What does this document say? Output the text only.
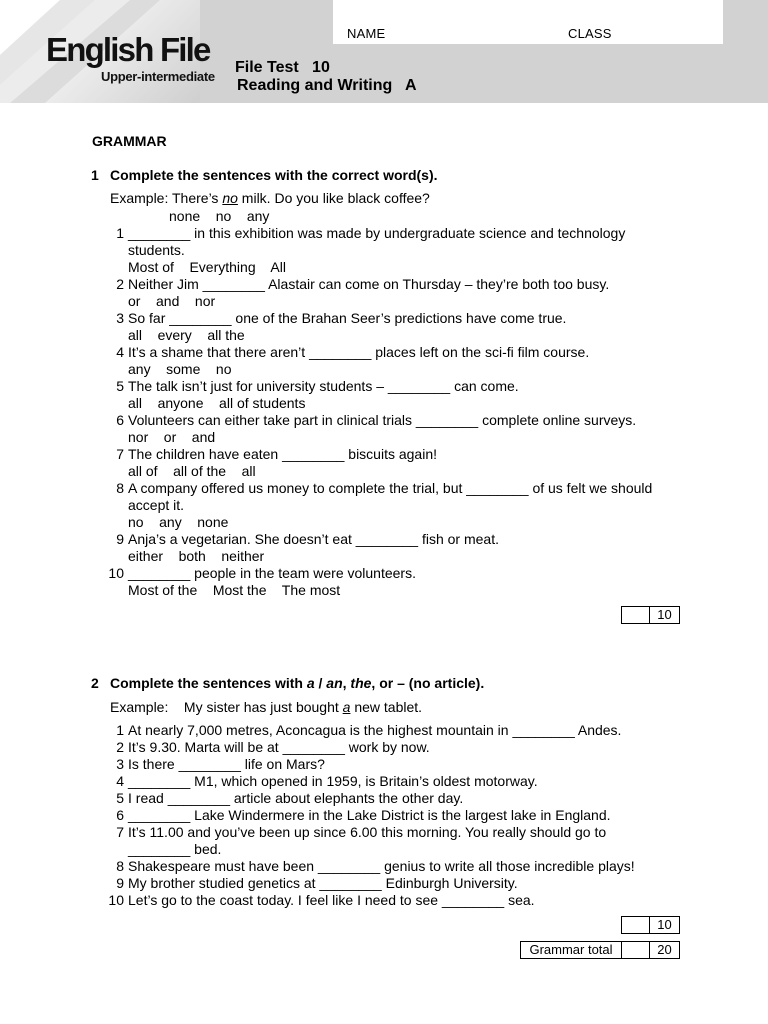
NAME	CLASS
English File
Upper-intermediate
File Test   10
Reading and Writing   A
GRAMMAR
1 Complete the sentences with the correct word(s).
Example: There’s no milk. Do you like black coffee?
none    no    any
1 ________ in this exhibition was made by undergraduate science and technology
students.
Most of    Everything    All
2 Neither Jim ________ Alastair can come on Thursday – they’re both too busy.
or    and    nor
3 So far ________ one of the Brahan Seer’s predictions have come true.
all    every    all the
4 It’s a shame that there aren’t ________ places left on the sci-fi film course.
any    some    no
5 The talk isn’t just for university students – ________ can come.
all    anyone    all of students
6 Volunteers can either take part in clinical trials ________ complete online surveys.
nor    or    and
7 The children have eaten ________ biscuits again!
all of    all of the    all
8 A company offered us money to complete the trial, but ________ of us felt we should
accept it.
no    any    none
9 Anja’s a vegetarian. She doesn’t eat ________ fish or meat.
either    both    neither
10 ________ people in the team were volunteers.
Most of the    Most the    The most
10
2 Complete the sentences with a / an, the, or – (no article).
Example:    My sister has just bought a new tablet.
1 At nearly 7,000 metres, Aconcagua is the highest mountain in ________ Andes.
2 It’s 9.30. Marta will be at ________ work by now.
3 Is there ________ life on Mars?
4 ________ M1, which opened in 1959, is Britain’s oldest motorway.
5 I read ________ article about elephants the other day.
6 ________ Lake Windermere in the Lake District is the largest lake in England.
7 It’s 11.00 and you’ve been up since 6.00 this morning. You really should go to
________ bed.
8 Shakespeare must have been ________ genius to write all those incredible plays!
9 My brother studied genetics at ________ Edinburgh University.
10 Let’s go to the coast today. I feel like I need to see ________ sea.
10
Grammar total	20
